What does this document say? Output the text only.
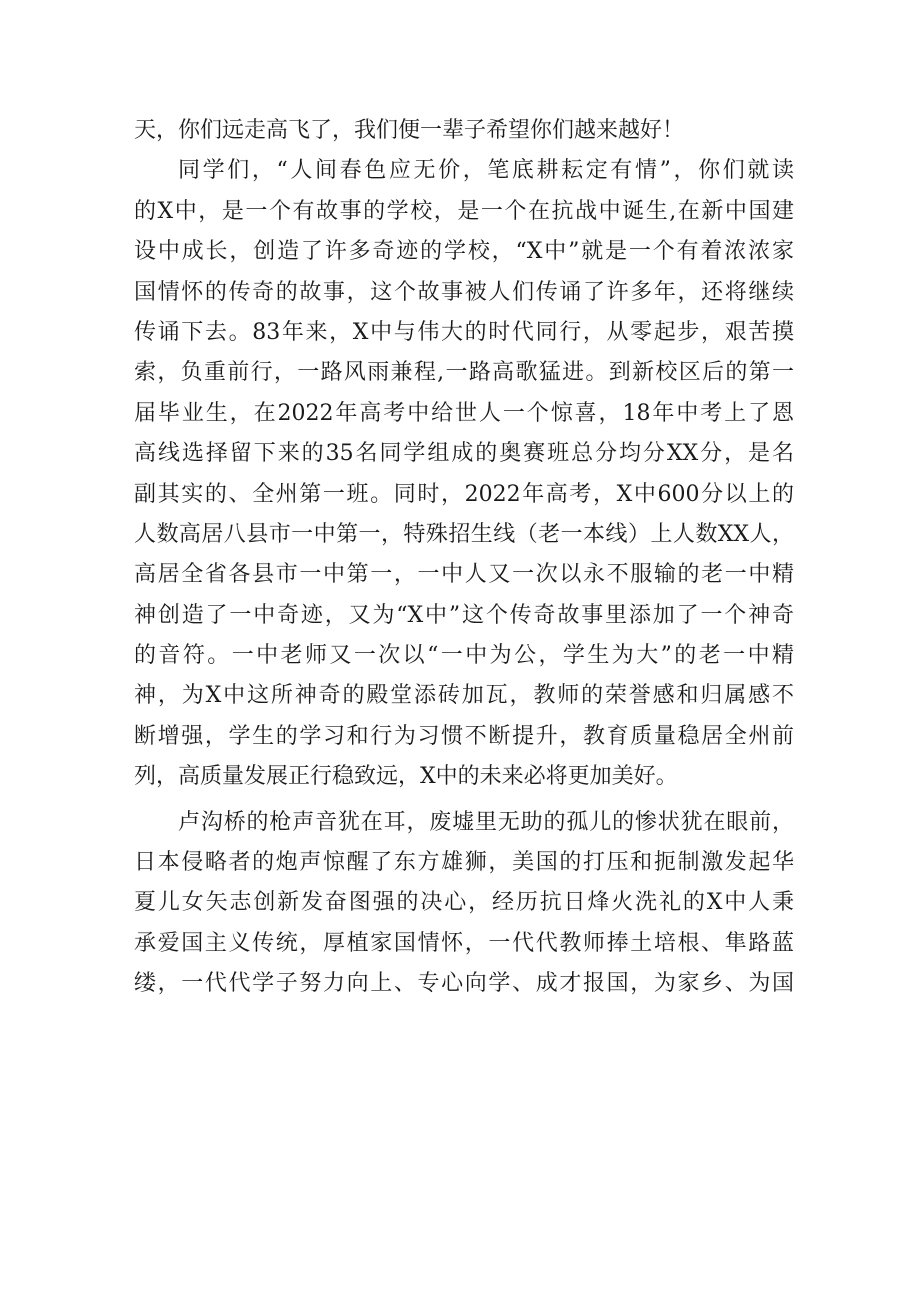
天，你们远走高飞了，我们便一辈子希望你们越来越好！
同学们，“人间春色应无价，笔底耕耘定有情”，你们就读
的X中，是一个有故事的学校，是一个在抗战中诞生,在新中国建
设中成长，创造了许多奇迹的学校，“X中”就是一个有着浓浓家
国情怀的传奇的故事，这个故事被人们传诵了许多年，还将继续
传诵下去。83年来，X中与伟大的时代同行，从零起步，艰苦摸
索，负重前行，一路风雨兼程,一路高歌猛进。到新校区后的第一
届毕业生，在2022年高考中给世人一个惊喜，18年中考上了恩
高线选择留下来的35名同学组成的奥赛班总分均分XX分，是名
副其实的、全州第一班。同时，2022年高考，X中600分以上的
人数高居八县市一中第一，特殊招生线（老一本线）上人数XX人，
高居全省各县市一中第一，一中人又一次以永不服输的老一中精
神创造了一中奇迹，又为“X中”这个传奇故事里添加了一个神奇
的音符。一中老师又一次以“一中为公，学生为大”的老一中精
神，为X中这所神奇的殿堂添砖加瓦，教师的荣誉感和归属感不
断增强，学生的学习和行为习惯不断提升，教育质量稳居全州前
列，高质量发展正行稳致远，X中的未来必将更加美好。
卢沟桥的枪声音犹在耳，废墟里无助的孤儿的惨状犹在眼前，
日本侵略者的炮声惊醒了东方雄狮，美国的打压和扼制激发起华
夏儿女矢志创新发奋图强的决心，经历抗日烽火洗礼的X中人秉
承爱国主义传统，厚植家国情怀，一代代教师捧土培根、隼路蓝
缕，一代代学子努力向上、专心向学、成才报国，为家乡、为国
